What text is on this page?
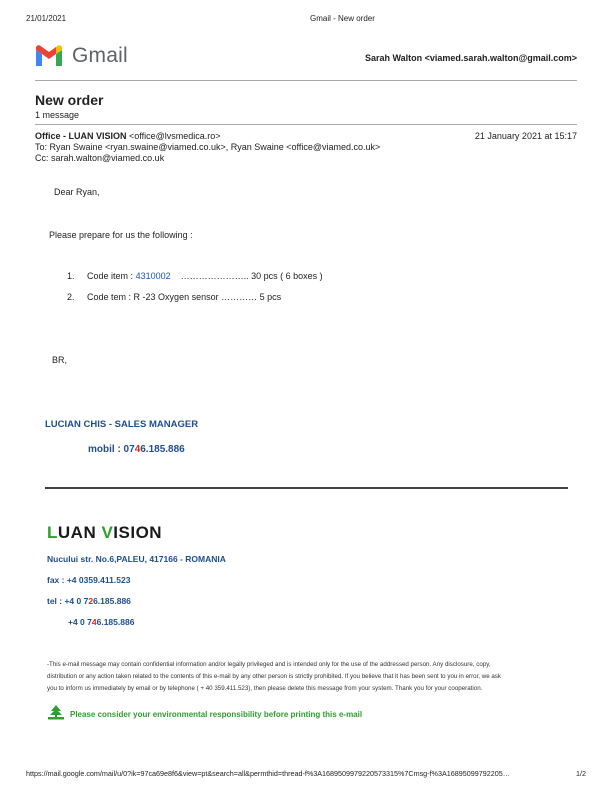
21/01/2021	Gmail - New order
Gmail	Sarah Walton <viamed.sarah.walton@gmail.com>
New order
1 message
Office - LUAN VISION <office@lvsmedica.ro>	21 January 2021 at 15:17
To: Ryan Swaine <ryan.swaine@viamed.co.uk>, Ryan Swaine <office@viamed.co.uk>
Cc: sarah.walton@viamed.co.uk
Dear Ryan,
Please prepare for us the following :
1. Code item : 4310002 ………………….. 30 pcs ( 6 boxes )
2. Code tem : R -23 Oxygen sensor ………… 5 pcs
BR,
LUCIAN CHIS - SALES MANAGER
mobil : 0746.185.886
LUAN VISION
Nucului str. No.6,PALEU, 417166 - ROMANIA
fax : +4 0359.411.523
tel : +4 0 726.185.886
+4 0 746.185.886
-This e-mail message may contain confidential information and/or legally privileged and is intended only for the use of the addressed person. Any disclosure, copy,
distribution or any action taken related to the contents of this e-mail by any other person is strictly prohibited. If you believe that it has been sent to you in error, we ask
you to inform us immediately by email or by telephone ( + 40 359.411.523), then please delete this message from your system. Thank you for your cooperation.
Please consider your environmental responsibility before printing this e-mail
https://mail.google.com/mail/u/0?ik=97ca69e8f6&view=pt&search=all&permthid=thread-f%3A1689509979220573315%7Cmsg-f%3A16895099792205…	1/2
